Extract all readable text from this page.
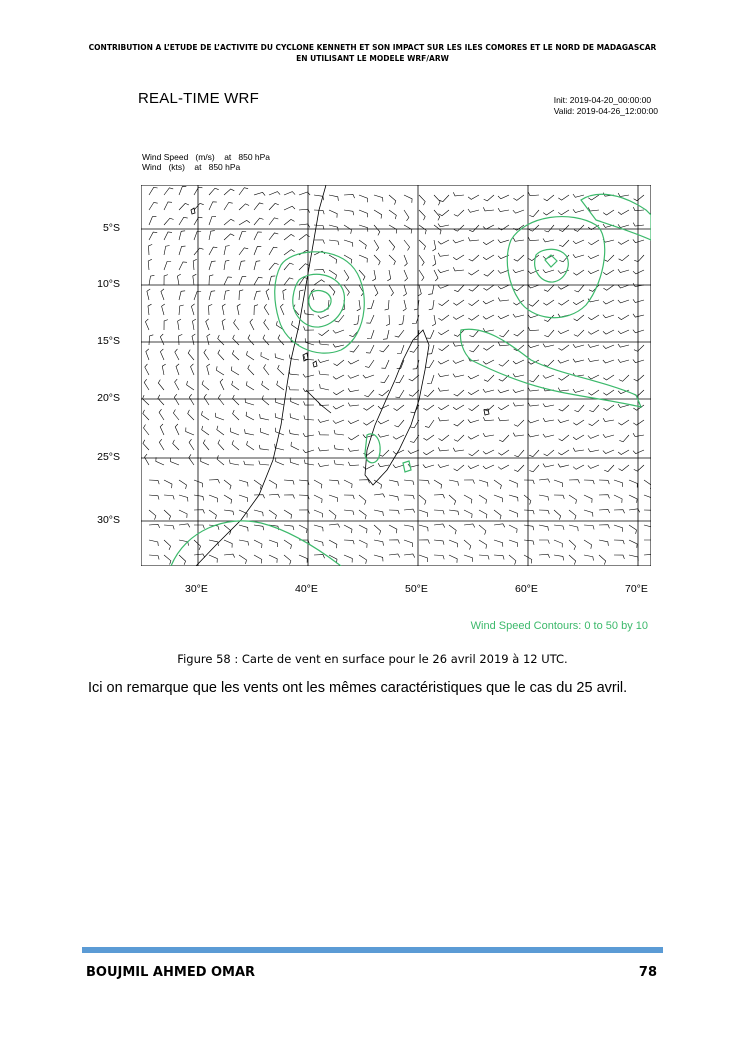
CONTRIBUTION A L’ETUDE DE L’ACTIVITE DU CYCLONE KENNETH ET SON IMPACT SUR LES ILES COMORES ET LE NORD DE MADAGASCAR
EN UTILISANT LE MODELE WRF/ARW
REAL-TIME WRF	Init: 2019-04-20_00:00:00
Valid: 2019-04-26_12:00:00
Wind Speed   (m/s)    at   850 hPa
Wind   (kts)    at   850 hPa
5°S
10°S
15°S
20°S
25°S
30°S
30°E	40°E	50°E	60°E	70°E
Wind Speed Contours: 0 to 50 by 10
Figure 58 : Carte de vent en surface pour le 26 avril 2019 à 12 UTC.
Ici on remarque que les vents ont les mêmes caractéristiques que le cas du 25 avril.
BOUJMIL AHMED OMAR	78
